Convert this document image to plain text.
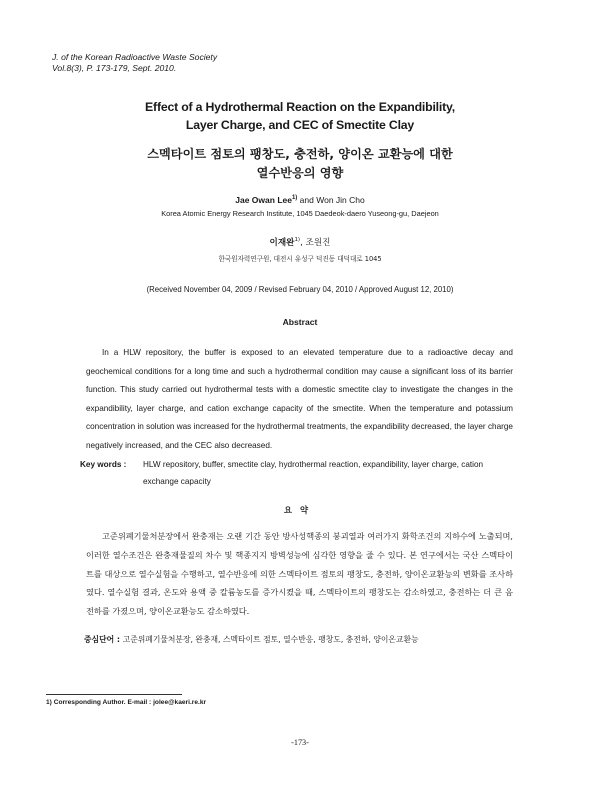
J. of the Korean Radioactive Waste Society
Vol.8(3), P. 173-179, Sept. 2010.
Effect of a Hydrothermal Reaction on the Expandibility,
Layer Charge, and CEC of Smectite Clay
스멕타이트 점토의 팽창도, 충전하, 양이온 교환능에 대한
열수반응의 영향
Jae Owan Lee$^{1)}$ and Won Jin Cho
Korea Atomic Energy Research Institute, 1045 Daedeok-daero Yuseong-gu, Daejeon
이재완$^{1)}$, 조원진
한국원자력연구원, 대전시 유성구 덕진동 대덕대로 1045
(Received November 04, 2009 / Revised February 04, 2010 / Approved August 12, 2010)
Abstract
In a HLW repository, the buffer is exposed to an elevated temperature due to a radioactive decay and geochemical conditions for a long time and such a hydrothermal condition may cause a significant loss of its barrier function. This study carried out hydrothermal tests with a domestic smectite clay to investigate the changes in the expandibility, layer charge, and cation exchange capacity of the smectite. When the temperature and potassium concentration in solution was increased for the hydrothermal treatments, the expandibility decreased, the layer charge negatively increased, and the CEC also decreased.
Key words :	HLW repository, buffer, smectite clay, hydrothermal reaction, expandibility, layer charge, cation exchange capacity
요약
고준위폐기물처분장에서 완충재는 오랜 기간 동안 방사성핵종의 붕괴열과 여러가지 화학조건의 지하수에 노출되며, 이러한 열수조건은 완충재물질의 차수 및 핵종지지 방벽성능에 심각한 영향을 줄 수 있다. 본 연구에서는 국산 스멕타이트를 대상으로 열수실험을 수행하고, 열수반응에 의한 스멕타이트 점토의 팽창도, 충전하, 양이온교환능의 변화를 조사하였다. 열수실험 결과, 온도와 용액 중 칼륨농도를 증가시켰을 때, 스멕타이트의 팽창도는 감소하였고, 충전하는 더 큰 음전하를 가졌으며, 양이온교환능도 감소하였다.
중심단어 : 고준위폐기물처분장, 완충재, 스멕타이트 점토, 열수반응, 팽창도, 충전하, 양이온교환능
1) Corresponding Author. E-mail : jolee@kaeri.re.kr
-173-
